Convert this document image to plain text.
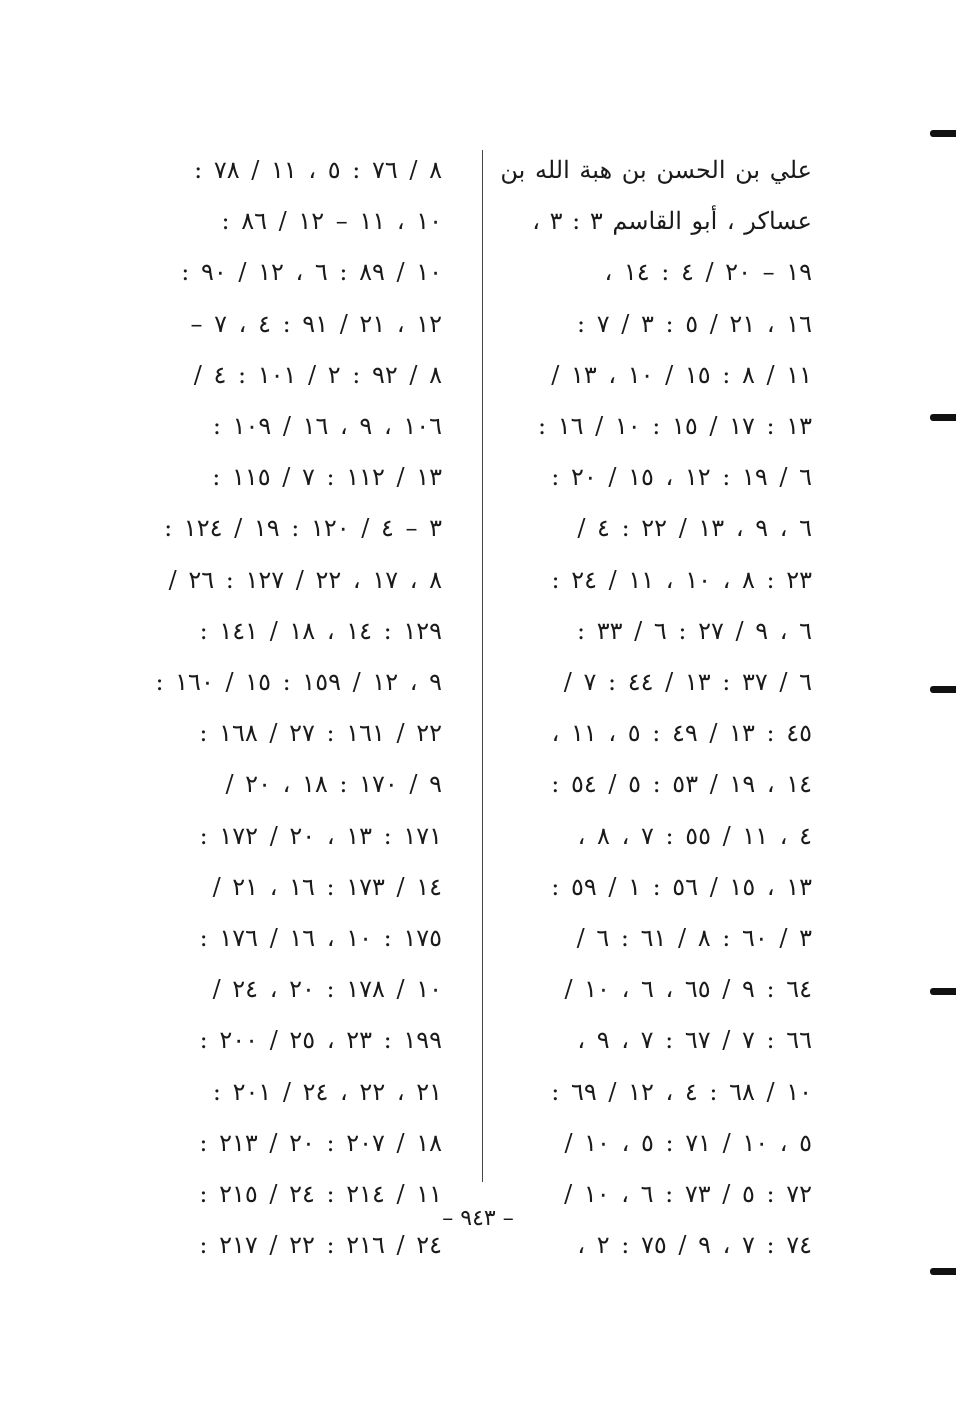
علي بن الحسن بن هبة الله بن
عساكر ، أبو القاسم ٣ : ٣ ،
١٩ – ٢٠ / ٤ : ١٤ ،
١٦ ، ٢١ / ٥ : ٣ / ٧ :
١١ / ٨ : ١٥ / ١٠ ، ١٣ /
١٣ : ١٧ / ١٥ : ١٠ / ١٦ :
٦ / ١٩ : ١٢ ، ١٥ / ٢٠ :
٦ ، ٩ ، ١٣ / ٢٢ : ٤ /
٢٣ : ٨ ، ١٠ ، ١١ / ٢٤ :
٦ ، ٩ / ٢٧ : ٦ / ٣٣ :
٦ / ٣٧ : ١٣ / ٤٤ : ٧ /
٤٥ : ١٣ / ٤٩ : ٥ ، ١١ ،
١٤ ، ١٩ / ٥٣ : ٥ / ٥٤ :
٤ ، ١١ / ٥٥ : ٧ ، ٨ ،
١٣ ، ١٥ / ٥٦ : ١ / ٥٩ :
٣ / ٦٠ : ٨ / ٦١ : ٦ /
٦٤ : ٩ / ٦٥ ، ٦ ، ١٠ /
٦٦ : ٧ / ٦٧ : ٧ ، ٩ ،
١٠ / ٦٨ : ٤ ، ١٢ / ٦٩ :
٥ ، ١٠ / ٧١ : ٥ ، ١٠ /
٧٢ : ٥ / ٧٣ : ٦ ، ١٠ /
٧٤ : ٧ ، ٩ / ٧٥ : ٢ ،
٨ / ٧٦ : ٥ ، ١١ / ٧٨ :
١٠ ، ١١ – ١٢ / ٨٦ :
١٠ / ٨٩ : ٦ ، ١٢ / ٩٠ :
١٢ ، ٢١ / ٩١ : ٤ ، ٧ –
٨ / ٩٢ : ٢ / ١٠١ : ٤ /
١٠٦ ، ٩ ، ١٦ / ١٠٩ :
١٣ / ١١٢ : ٧ / ١١٥ :
٣ – ٤ / ١٢٠ : ١٩ / ١٢٤ :
٨ ، ١٧ ، ٢٢ / ١٢٧ : ٢٦ /
١٢٩ : ١٤ ، ١٨ / ١٤١ :
٩ ، ١٢ / ١٥٩ : ١٥ / ١٦٠ :
٢٢ / ١٦١ : ٢٧ / ١٦٨ :
٩ / ١٧٠ : ١٨ ، ٢٠ /
١٧١ : ١٣ ، ٢٠ / ١٧٢ :
١٤ / ١٧٣ : ١٦ ، ٢١ /
١٧٥ : ١٠ ، ١٦ / ١٧٦ :
١٠ / ١٧٨ : ٢٠ ، ٢٤ /
١٩٩ : ٢٣ ، ٢٥ / ٢٠٠ :
٢١ ، ٢٢ ، ٢٤ / ٢٠١ :
١٨ / ٢٠٧ : ٢٠ / ٢١٣ :
١١ / ٢١٤ : ٢٤ / ٢١٥ :
٢٤ / ٢١٦ : ٢٢ / ٢١٧ :
– ٩٤٣ –
